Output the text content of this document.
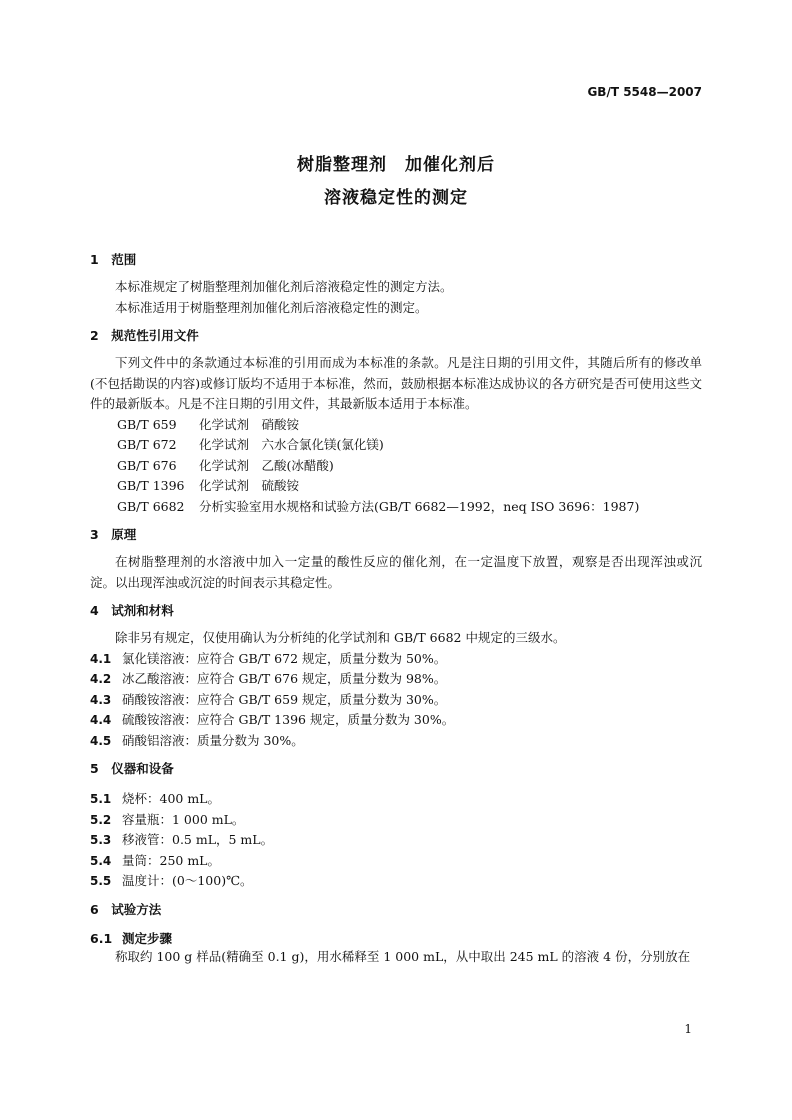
GB/T 5548—2007
树脂整理剂　加催化剂后
溶液稳定性的测定
1　范围
本标准规定了树脂整理剂加催化剂后溶液稳定性的测定方法。
本标准适用于树脂整理剂加催化剂后溶液稳定性的测定。
2　规范性引用文件
下列文件中的条款通过本标准的引用而成为本标准的条款。凡是注日期的引用文件，其随后所有的修改单(不包括勘误的内容)或修订版均不适用于本标准，然而，鼓励根据本标准达成协议的各方研究是否可使用这些文件的最新版本。凡是不注日期的引用文件，其最新版本适用于本标准。
GB/T 659 化学试剂　硝酸铵
GB/T 672 化学试剂　六水合氯化镁(氯化镁)
GB/T 676 化学试剂　乙酸(冰醋酸)
GB/T 1396 化学试剂　硫酸铵
GB/T 6682 分析实验室用水规格和试验方法(GB/T 6682—1992，neq ISO 3696：1987)
3　原理
在树脂整理剂的水溶液中加入一定量的酸性反应的催化剂，在一定温度下放置，观察是否出现浑浊或沉淀。以出现浑浊或沉淀的时间表示其稳定性。
4　试剂和材料
除非另有规定，仅使用确认为分析纯的化学试剂和 GB/T 6682 中规定的三级水。
4.1 氯化镁溶液：应符合 GB/T 672 规定，质量分数为 50%。
4.2 冰乙酸溶液：应符合 GB/T 676 规定，质量分数为 98%。
4.3 硝酸铵溶液：应符合 GB/T 659 规定，质量分数为 30%。
4.4 硫酸铵溶液：应符合 GB/T 1396 规定，质量分数为 30%。
4.5 硝酸铝溶液：质量分数为 30%。
5　仪器和设备
5.1 烧杯：400 mL。
5.2 容量瓶：1 000 mL。
5.3 移液管：0.5 mL，5 mL。
5.4 量筒：250 mL。
5.5 温度计：(0～100)℃。
6　试验方法
6.1 测定步骤
称取约 100 g 样品(精确至 0.1 g)，用水稀释至 1 000 mL，从中取出 245 mL 的溶液 4 份，分别放在
1
